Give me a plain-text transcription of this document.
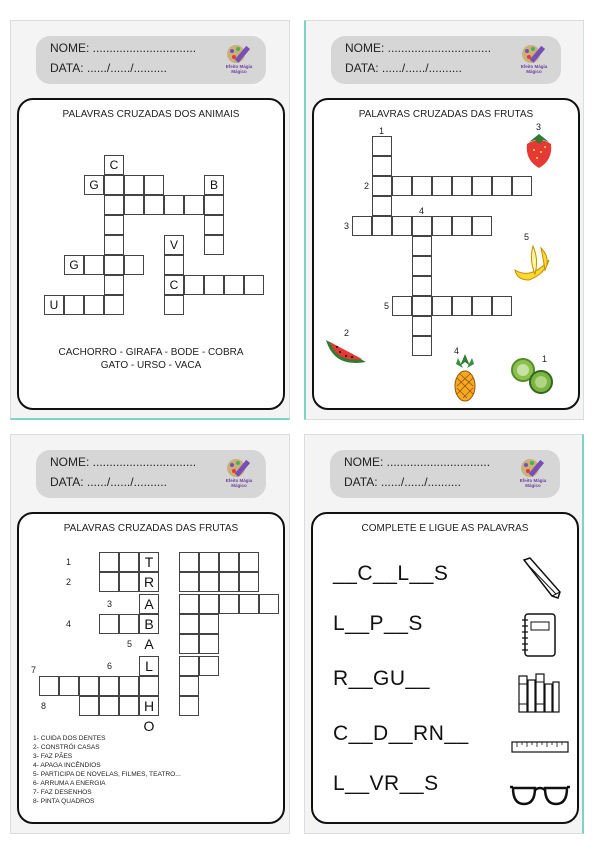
NOME: ...............................
DATA: ....../....../..........	Efeito Mágia
Mágico
PALAVRAS CRUZADAS DOS ANIMAIS
C
G	B
V
G
C
U
CACHORRO - GIRAFA - BODE - COBRA
GATO - URSO - VACA
NOME: ...............................
DATA: ....../....../..........	Efeito Mágia
Mágico
PALAVRAS CRUZADAS DAS FRUTAS
1
2
3
4
5
3
5
2
4
1
NOME: ...............................
DATA: ....../....../..........	Efeito Mágia
Mágico
PALAVRAS CRUZADAS DAS FRUTAS
T
R
A
B
A
L
H
O
1
2
3
4
5
6
7
8
1- CUIDA DOS DENTES
2- CONSTRÓI CASAS
3- FAZ PÃES
4- APAGA INCÊNDIOS
5- PARTICIPA DE NOVELAS, FILMES, TEATRO...
6- ARRUMA A ENERGIA
7- FAZ DESENHOS
8- PINTA QUADROS
NOME: ...............................
DATA: ....../....../..........	Efeito Mágia
Mágico
COMPLETE E LIGUE AS PALAVRAS
__C__L__S
L__P__S
R__GU__
C__D__RN__
L__VR__S
